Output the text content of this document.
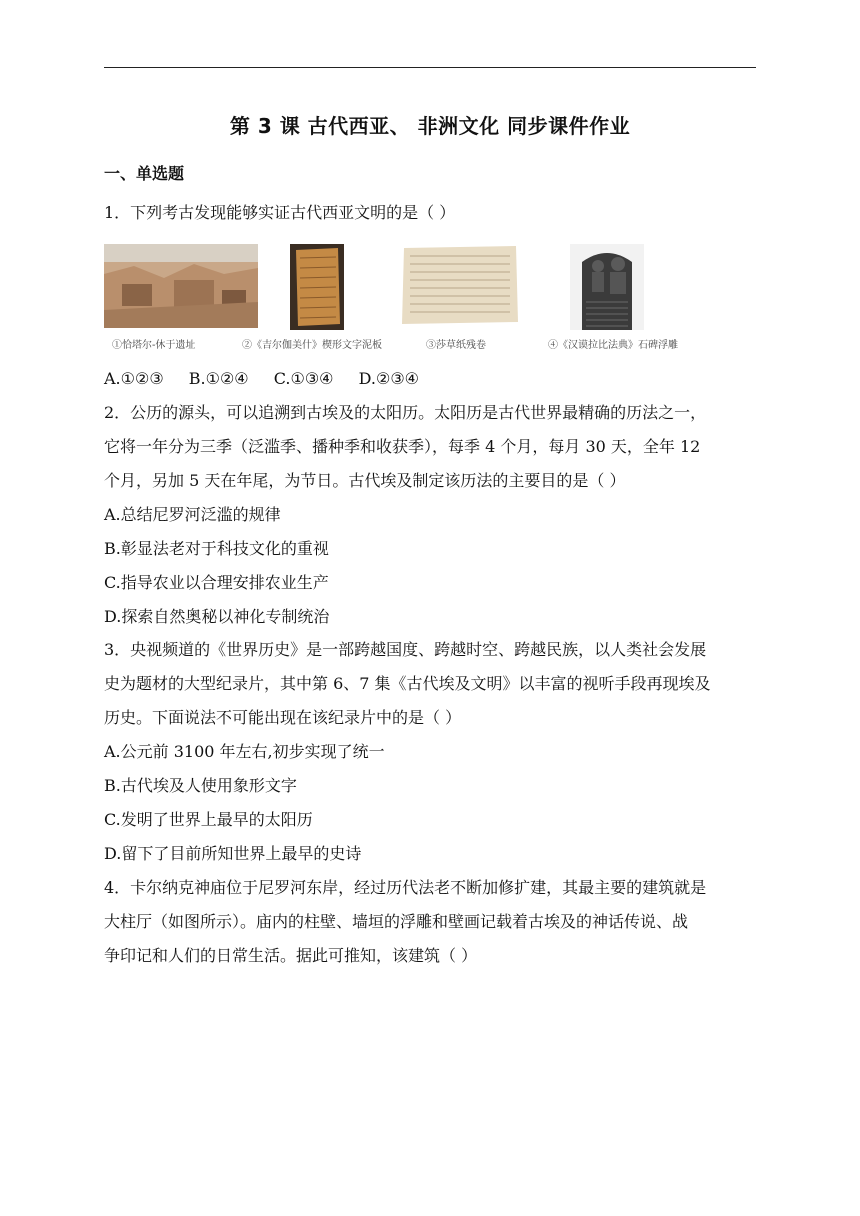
第 3 课 古代西亚、 非洲文化 同步课件作业
一、单选题
1．下列考古发现能够实证古代西亚文明的是（ ）
①恰塔尔-休于遗址	②《吉尔伽美什》楔形文字泥板	③莎草纸残卷	④《汉谟拉比法典》石碑浮雕
A.①②③ B.①②④ C.①③④ D.②③④
2．公历的源头，可以追溯到古埃及的太阳历。太阳历是古代世界最精确的历法之一，
它将一年分为三季（泛滥季、播种季和收获季），每季 4 个月，每月 30 天，全年 12
个月，另加 5 天在年尾，为节日。古代埃及制定该历法的主要目的是（ ）
A.总结尼罗河泛滥的规律
B.彰显法老对于科技文化的重视
C.指导农业以合理安排农业生产
D.探索自然奥秘以神化专制统治
3．央视频道的《世界历史》是一部跨越国度、跨越时空、跨越民族，以人类社会发展
史为题材的大型纪录片，其中第 6、7 集《古代埃及文明》以丰富的视听手段再现埃及
历史。下面说法不可能出现在该纪录片中的是（ ）
A.公元前 3100 年左右,初步实现了统一
B.古代埃及人使用象形文字
C.发明了世界上最早的太阳历
D.留下了目前所知世界上最早的史诗
4．卡尔纳克神庙位于尼罗河东岸，经过历代法老不断加修扩建，其最主要的建筑就是
大柱厅（如图所示）。庙内的柱壁、墙垣的浮雕和壁画记载着古埃及的神话传说、战
争印记和人们的日常生活。据此可推知，该建筑（ ）
